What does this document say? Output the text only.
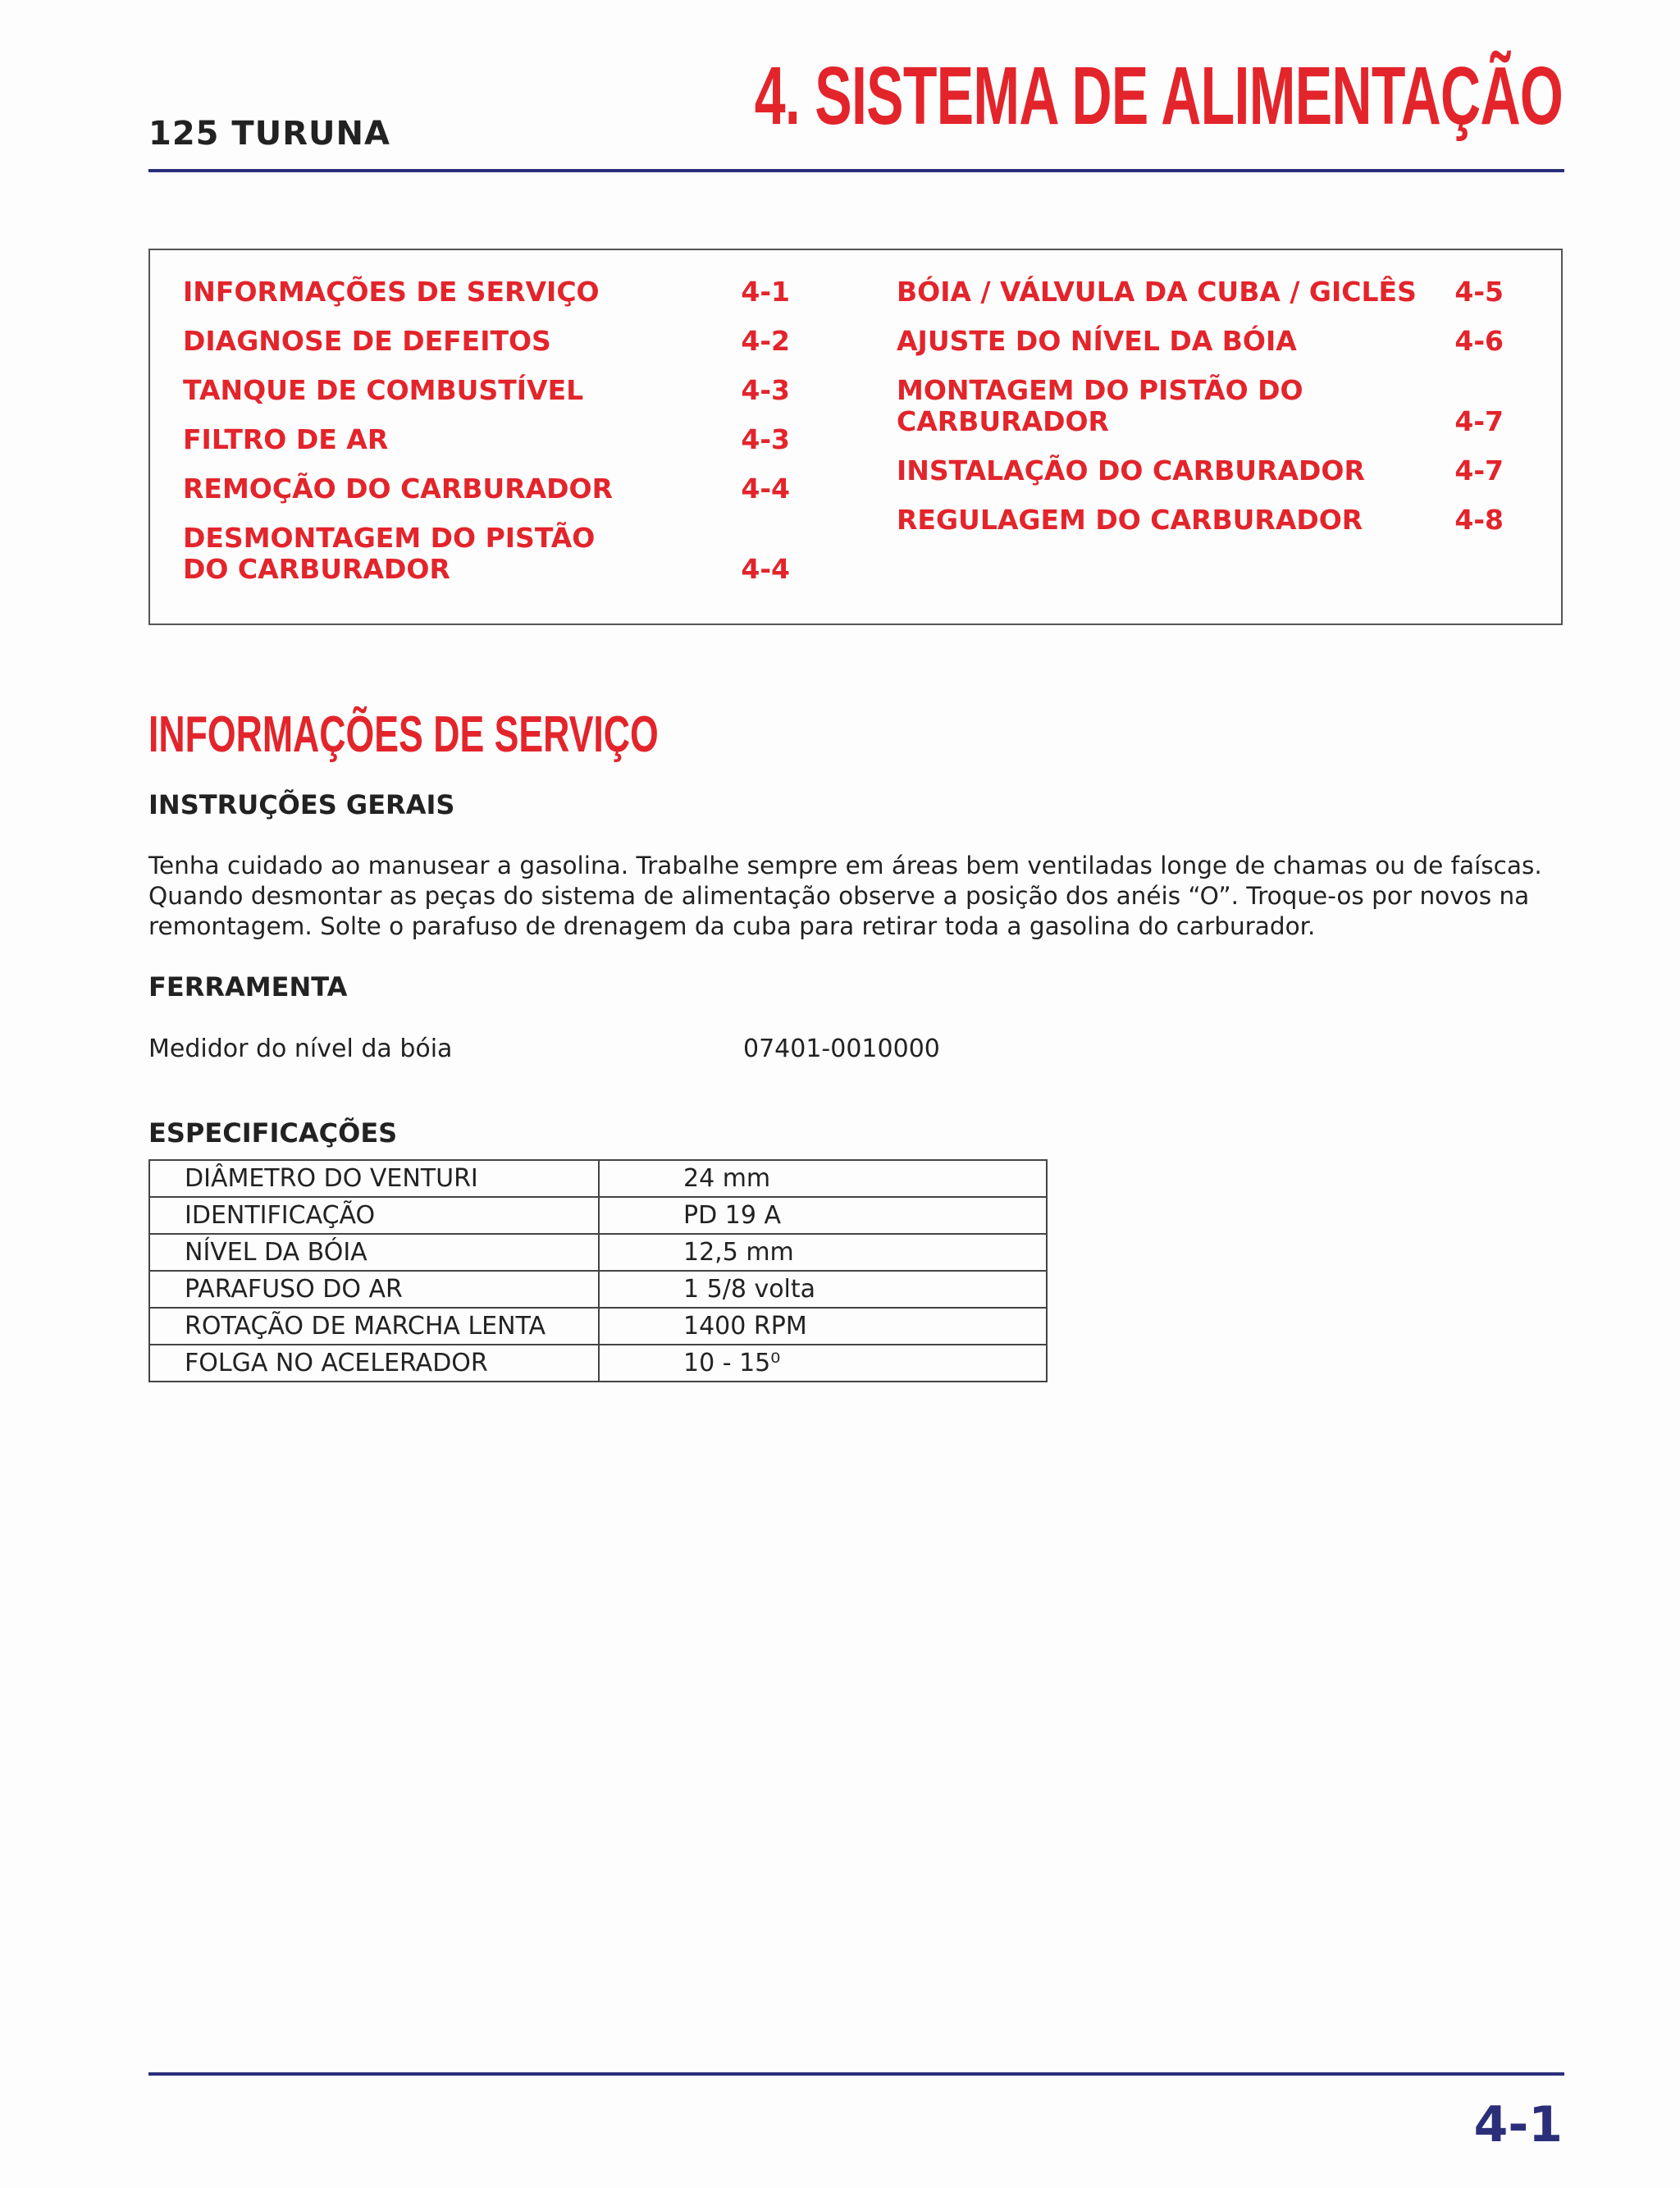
125 TURUNA	4. SISTEMA DE ALIMENTAÇÃO
INFORMAÇÕES DE SERVIÇO	4-1
DIAGNOSE DE DEFEITOS	4-2
TANQUE DE COMBUSTÍVEL	4-3
FILTRO DE AR	4-3
REMOÇÃO DO CARBURADOR	4-4
DESMONTAGEM DO PISTÃO DO CARBURADOR	4-4
BÓIA / VÁLVULA DA CUBA / GICLÊS	4-5
AJUSTE DO NÍVEL DA BÓIA	4-6
MONTAGEM DO PISTÃO DO CARBURADOR	4-7
INSTALAÇÃO DO CARBURADOR	4-7
REGULAGEM DO CARBURADOR	4-8
INFORMAÇÕES DE SERVIÇO
INSTRUÇÕES GERAIS

Tenha cuidado ao manusear a gasolina. Trabalhe sempre em áreas bem ventiladas longe de chamas ou de faíscas. Quando desmontar as peças do sistema de alimentação observe a posição dos anéis “O”. Troque-os por novos na remontagem. Solte o parafuso de drenagem da cuba para retirar toda a gasolina do carburador.

FERRAMENTA
Medidor do nível da bóia	07401-0010000
ESPECIFICAÇÕES
DIÂMETRO DO VENTURI	24 mm
IDENTIFICAÇÃO	PD 19 A
NÍVEL DA BÓIA	12,5 mm
PARAFUSO DO AR	1 5/8 volta
ROTAÇÃO DE MARCHA LENTA	1400 RPM
FOLGA NO ACELERADOR	10 - 15⁰
4-1
